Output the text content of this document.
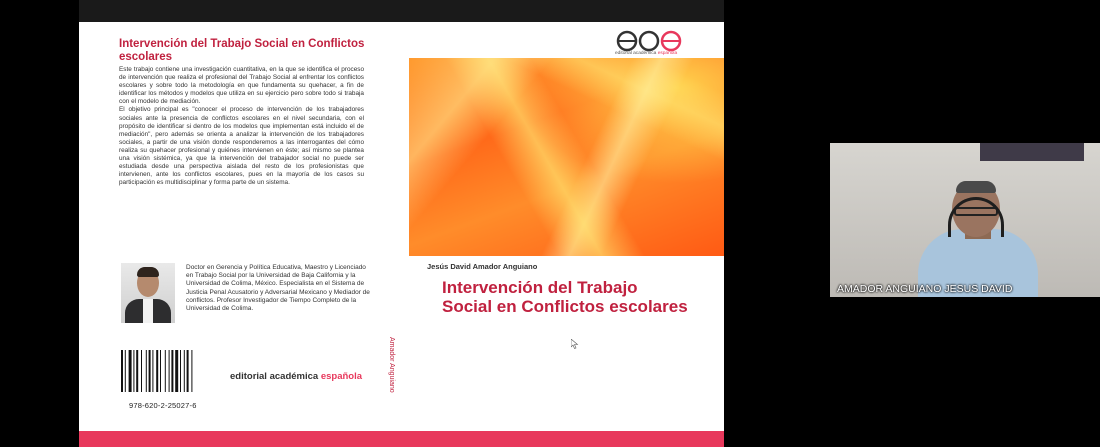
Intervención del Trabajo Social en Conflictos escolares

Este trabajo contiene una investigación cuantitativa, en la que se identifica el proceso de intervención que realiza el profesional del Trabajo Social al enfrentar los conflictos escolares y sobre todo la metodología en que fundamenta su quehacer, a fin de identificar los métodos y modelos que utiliza en su ejercicio pero sobre todo si trabaja con el modelo de mediación.

El objetivo principal es "conocer el proceso de intervención de los trabajadores sociales ante la presencia de conflictos escolares en el nivel secundaria, con el propósito de identificar si dentro de los modelos que implementan está incluido el de mediación", pero además se orienta a analizar la intervención de los trabajadores sociales, a partir de una visión donde responderemos a las interrogantes del cómo realiza su quehacer profesional y quiénes intervienen en éste; así mismo se plantea una visión sistémica, ya que la intervención del trabajador social no puede ser estudiada desde una perspectiva aislada del resto de los profesionistas que intervienen, ante los conflictos escolares, pues en la mayoría de los casos su participación es multidisciplinar y forma parte de un sistema.

Doctor en Gerencia y Política Educativa, Maestro y Licenciado en Trabajo Social por la Universidad de Baja California y la Universidad de Colima, México. Especialista en el Sistema de Justicia Penal Acusatorio y Adversarial Mexicano y Mediador de conflictos. Profesor Investigador de Tiempo Completo de la Universidad de Colima.
978-620-2-25027-6
editorial académica española	Amador Anguiano
editorial académica española
Jesús David Amador Anguiano
Intervención del Trabajo Social en Conflictos escolares
AMADOR ANGUIANO JESUS DAVID
